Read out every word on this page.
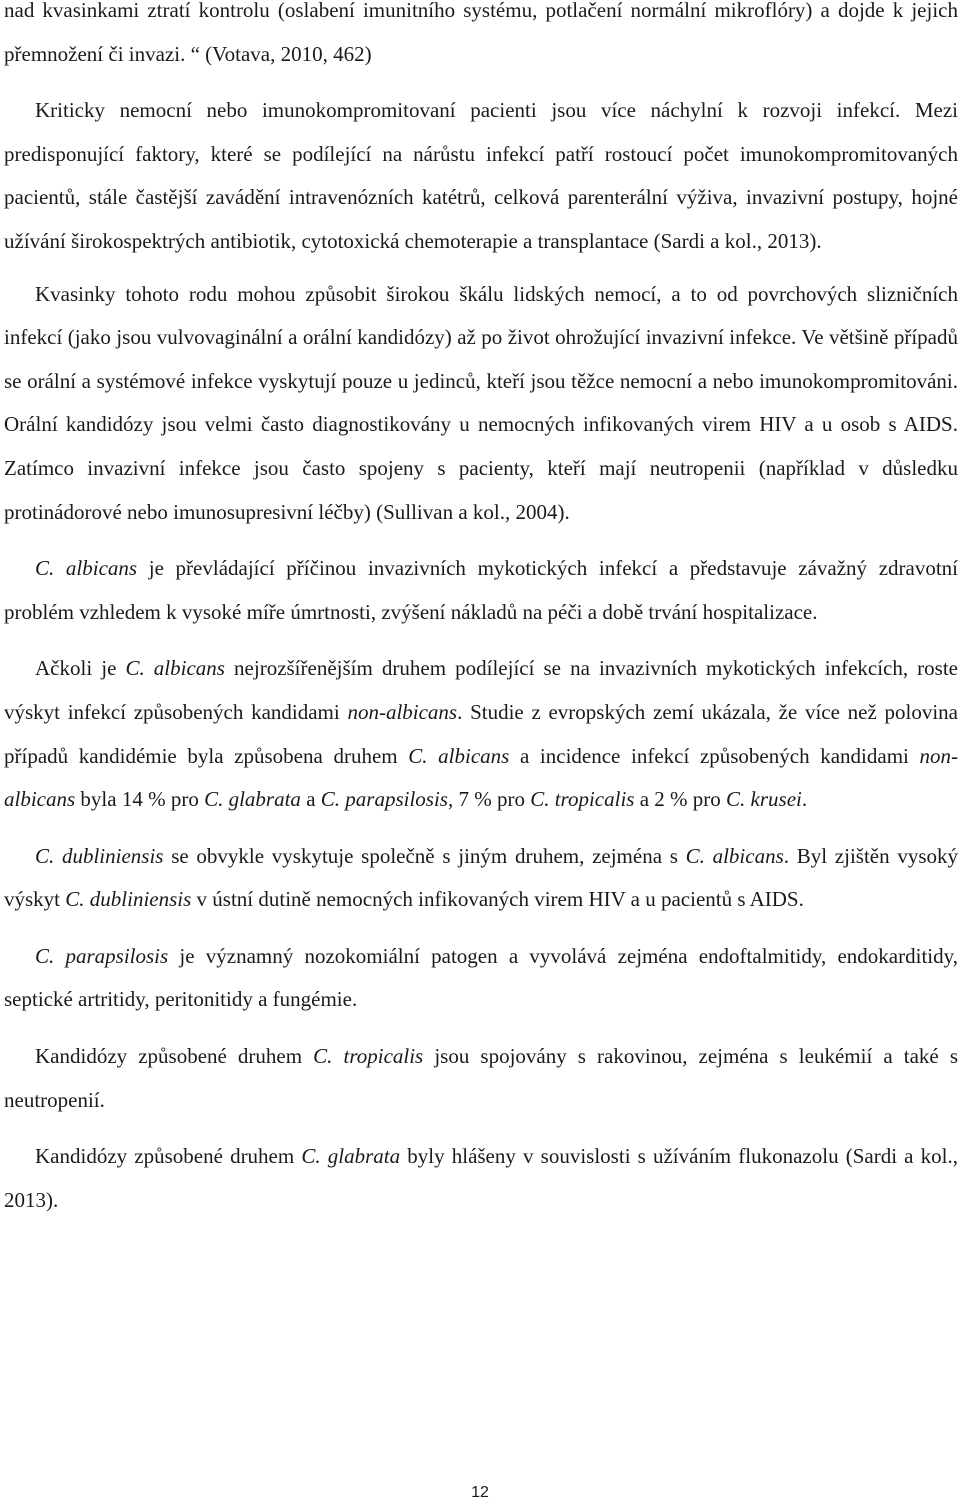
nad kvasinkami ztratí kontrolu (oslabení imunitního systému, potlačení normální mikroflóry) a dojde k jejich přemnožení či invazi. “ (Votava, 2010, 462)

Kriticky nemocní nebo imunokompromitovaní pacienti jsou více náchylní k rozvoji infekcí. Mezi predisponující faktory, které se podílející na nárůstu infekcí patří rostoucí počet imunokompromitovaných pacientů, stále častější zavádění intravenózních katétrů, celková parenterální výživa, invazivní postupy, hojné užívání širokospektrých antibiotik, cytotoxická chemoterapie a transplantace (Sardi a kol., 2013).

Kvasinky tohoto rodu mohou způsobit širokou škálu lidských nemocí, a to od povrchových slizničních infekcí (jako jsou vulvovaginální a orální kandidózy) až po život ohrožující invazivní infekce. Ve většině případů se orální a systémové infekce vyskytují pouze u jedinců, kteří jsou těžce nemocní a nebo imunokompromitováni. Orální kandidózy jsou velmi často diagnostikovány u nemocných infikovaných virem HIV a u osob s AIDS. Zatímco invazivní infekce jsou často spojeny s pacienty, kteří mají neutropenii (například v důsledku protinádorové nebo imunosupresivní léčby) (Sullivan a kol., 2004).

C. albicans je převládající příčinou invazivních mykotických infekcí a představuje závažný zdravotní problém vzhledem k vysoké míře úmrtnosti, zvýšení nákladů na péči a době trvání hospitalizace.

Ačkoli je C. albicans nejrozšířenějším druhem podílející se na invazivních mykotických infekcích, roste výskyt infekcí způsobených kandidami non-albicans. Studie z evropských zemí ukázala, že více než polovina případů kandidémie byla způsobena druhem C. albicans a incidence infekcí způsobených kandidami non-albicans byla 14 % pro C. glabrata a C. parapsilosis, 7 % pro C. tropicalis a 2 % pro C. krusei.

C. dubliniensis se obvykle vyskytuje společně s jiným druhem, zejména s C. albicans. Byl zjištěn vysoký výskyt C. dubliniensis v ústní dutině nemocných infikovaných virem HIV a u pacientů s AIDS.

C. parapsilosis je významný nozokomiální patogen a vyvolává zejména endoftalmitidy, endokarditidy, septické artritidy, peritonitidy a fungémie.

Kandidózy způsobené druhem C. tropicalis jsou spojovány s rakovinou, zejména s leukémií a také s neutropenií.

Kandidózy způsobené druhem C. glabrata byly hlášeny v souvislosti s užíváním flukonazolu (Sardi a kol., 2013).

12
